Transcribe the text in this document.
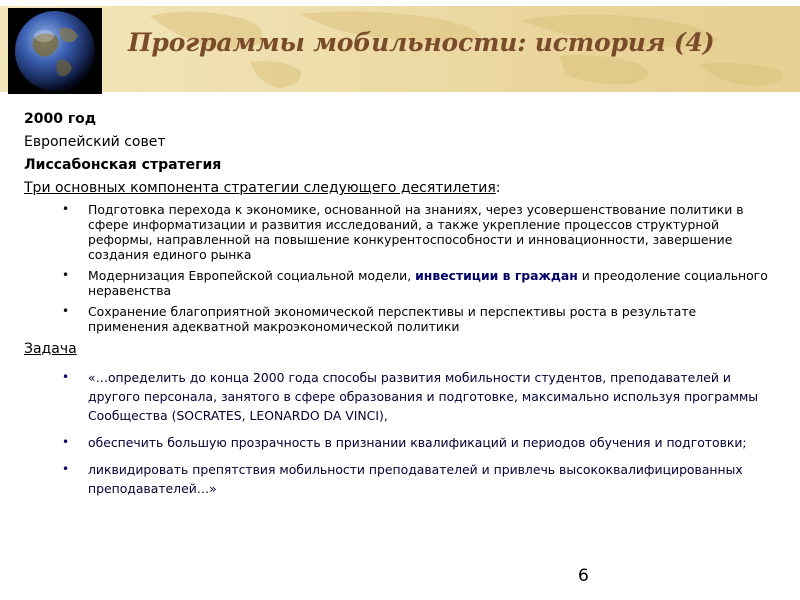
Программы мобильности: история (4)
2000 год
Европейский совет
Лиссабонская стратегия
Три основных компонента стратегии следующего десятилетия:
• Подготовка перехода к экономике, основанной на знаниях, через усовершенствование политики в сфере информатизации и развития исследований, а также укрепление процессов структурной реформы, направленной на повышение конкурентоспособности и инновационности, завершение создания единого рынка
• Модернизация Европейской социальной модели, инвестиции в граждан и преодоление социального неравенства
• Сохранение благоприятной экономической перспективы и перспективы роста в результате применения адекватной макроэкономической политики
Задача
• «…определить до конца 2000 года способы развития мобильности студентов, преподавателей и другого персонала, занятого в сфере образования и подготовке, максимально используя программы Сообщества (SOCRATES, LEONARDO DA VINCI),
• обеспечить большую прозрачность в признании квалификаций и периодов обучения и подготовки;
• ликвидировать препятствия мобильности преподавателей и привлечь высококвалифицированных преподавателей…»
6
